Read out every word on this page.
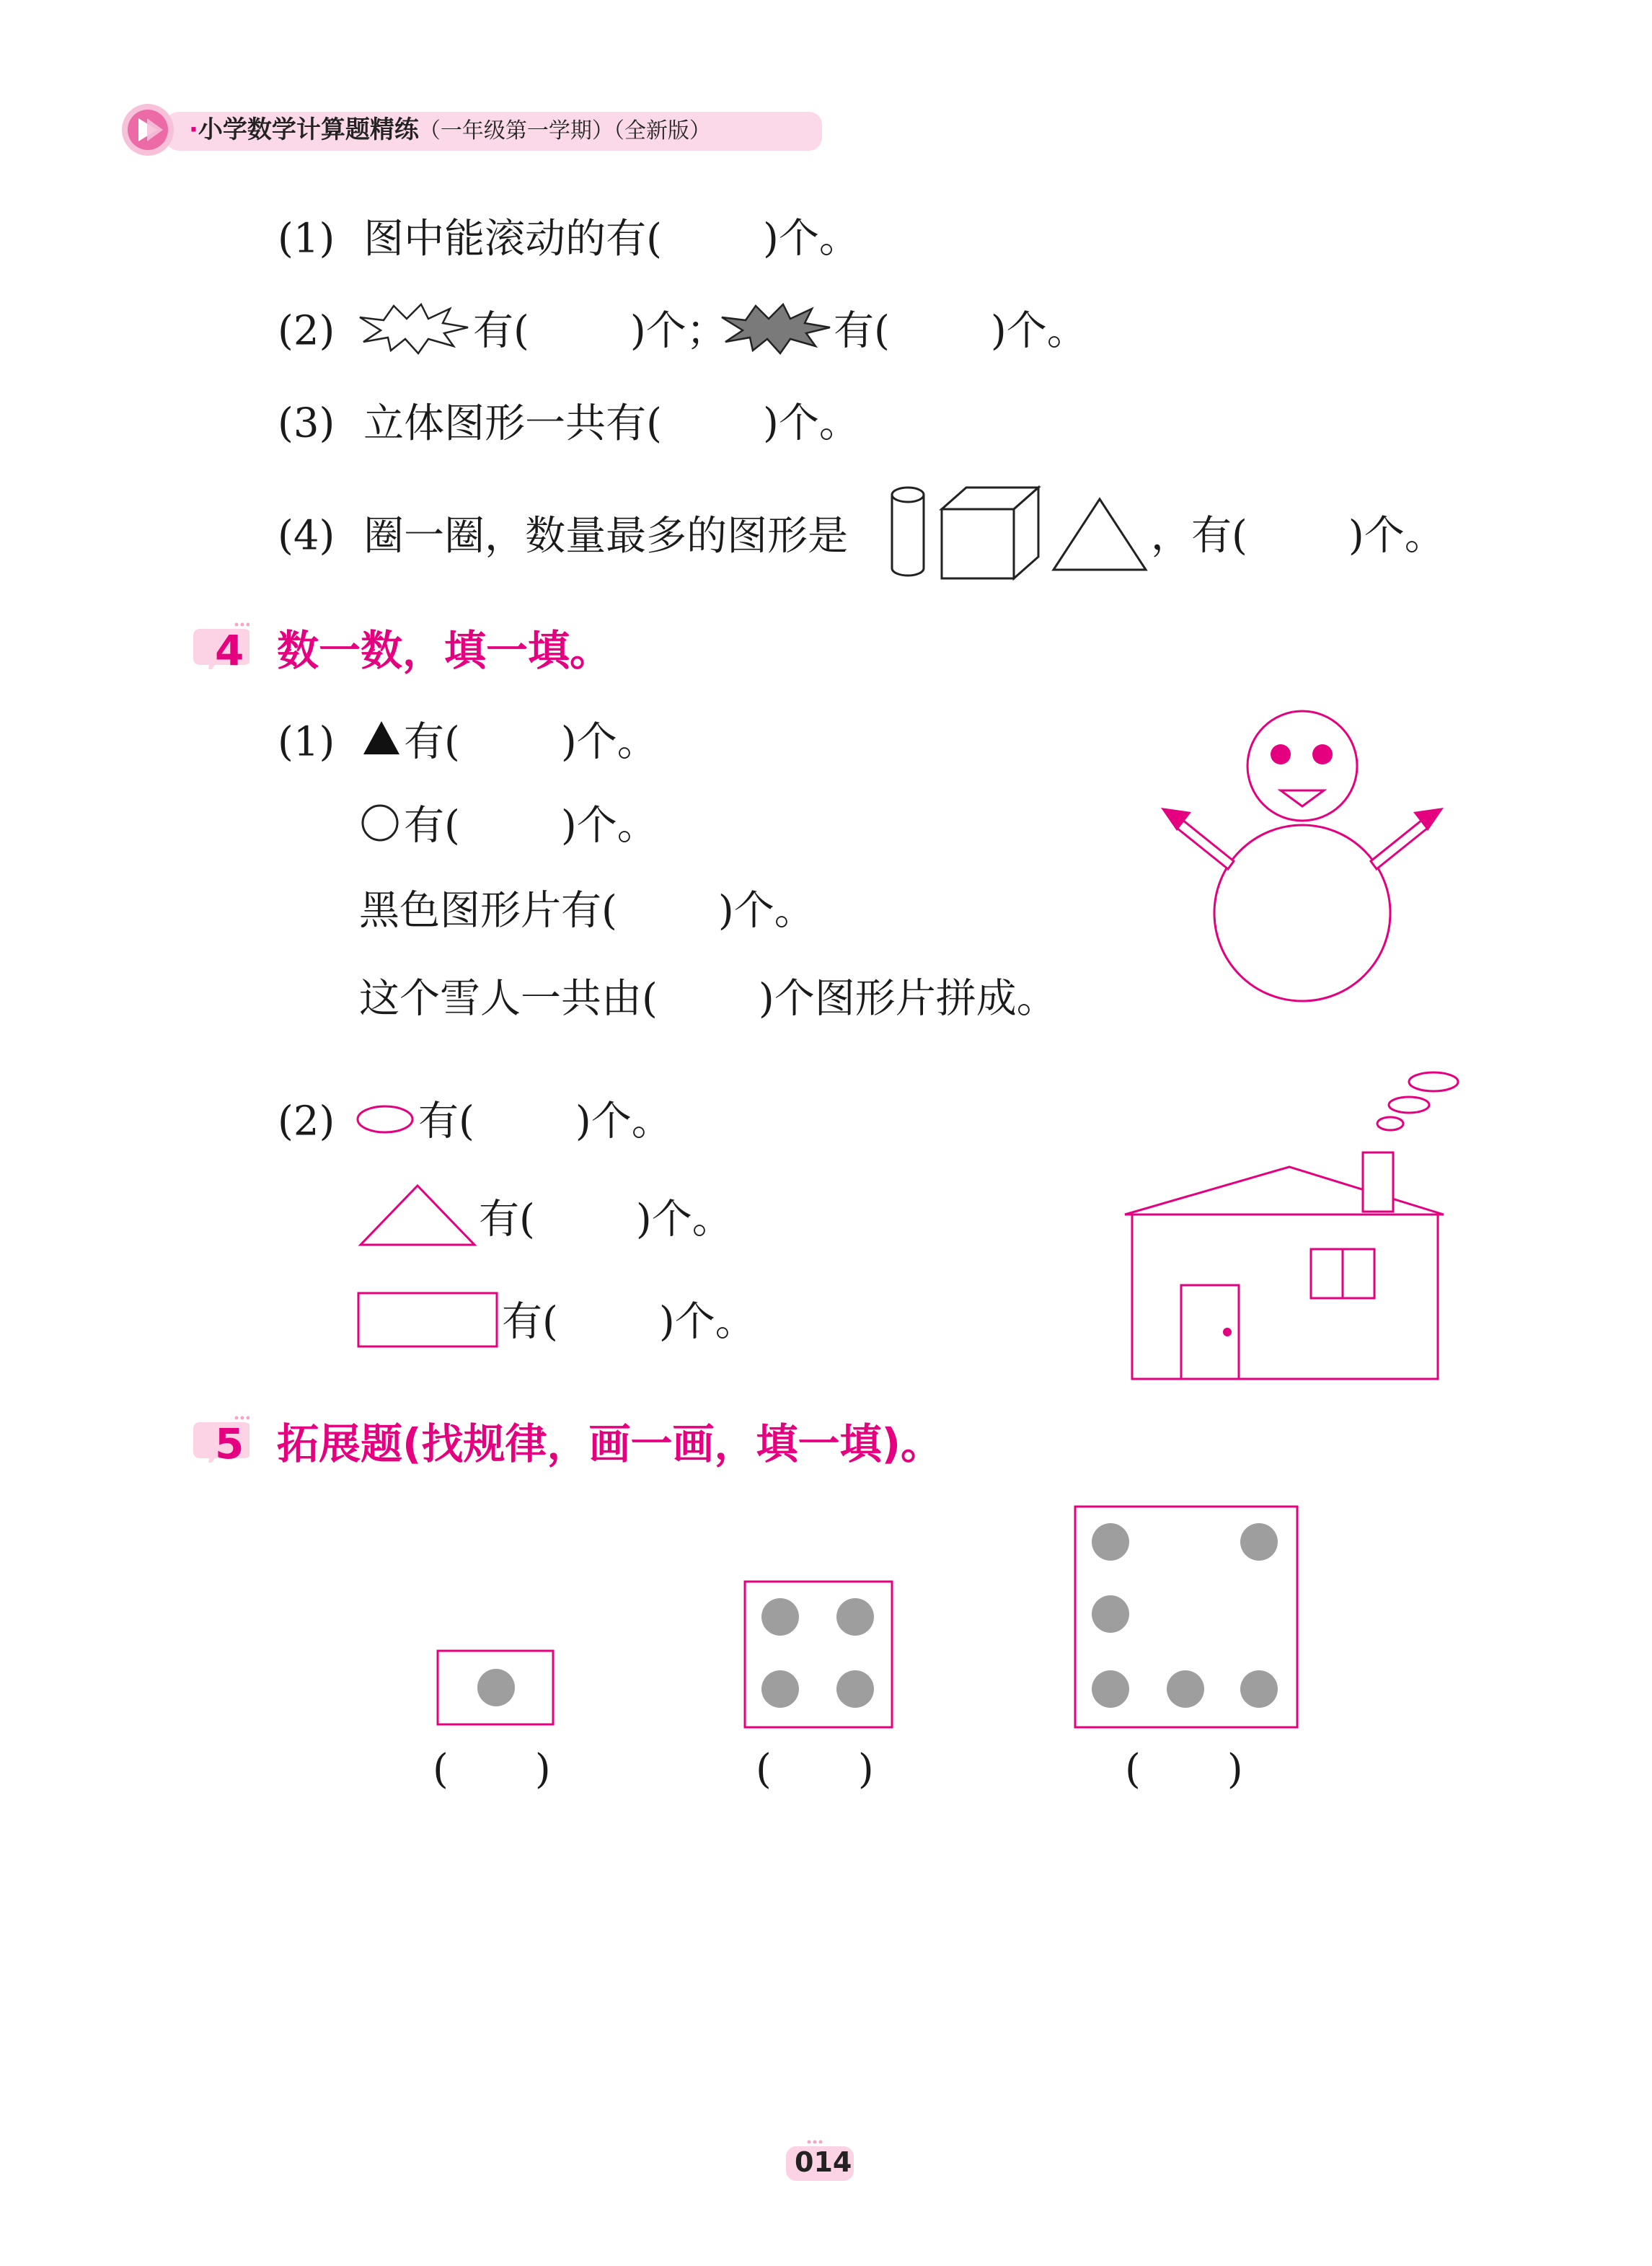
·小学数学计算题精练（一年级第一学期）（全新版）
(1) 图中能滚动的有(	)个。
(2)	有(	)个；	有(	)个。
(3) 立体图形一共有(	)个。
(4) 圈一圈，数量最多的图形是	，有(	)个。
4 数一数，填一填。
(1) 有(	)个。
有(	)个。
黑色图形片有(	)个。
这个雪人一共由(	)个图形片拼成。
(2) 有(	)个。
有(	)个。
有(	)个。
5 拓展题(找规律，画一画，填一填)。
( )	( )	( )
014
